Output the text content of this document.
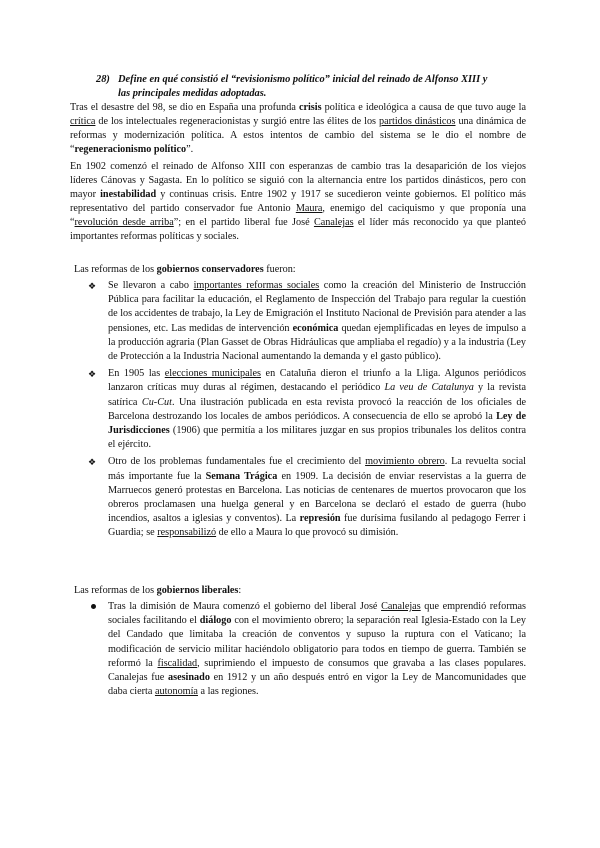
28) Define en qué consistió el “revisionismo político” inicial del reinado de Alfonso XIII y
las principales medidas adoptadas.
Tras el desastre del 98, se dio en España una profunda crisis política e ideológica a causa de que tuvo auge la crítica de los intelectuales regeneracionistas y surgió entre las élites de los partidos dinásticos una dinámica de reformas y modernización política. A estos intentos de cambio del sistema se le dio el nombre de “regeneracionismo político”.
En 1902 comenzó el reinado de Alfonso XIII con esperanzas de cambio tras la desaparición de los viejos líderes Cánovas y Sagasta. En lo político se siguió con la alternancia entre los partidos dinásticos, pero con mayor inestabilidad y continuas crisis. Entre 1902 y 1917 se sucedieron veinte gobiernos. El político más representativo del partido conservador fue Antonio Maura, enemigo del caciquismo y que proponía una “revolución desde arriba”; en el partido liberal fue José Canalejas el líder más reconocido ya que planteó importantes reformas políticas y sociales.
Las reformas de los gobiernos conservadores fueron:
❖ Se llevaron a cabo importantes reformas sociales como la creación del Ministerio de Instrucción Pública para facilitar la educación, el Reglamento de Inspección del Trabajo para regular la cuestión de los accidentes de trabajo, la Ley de Emigración el Instituto Nacional de Previsión para atender a las pensiones, etc. Las medidas de intervención económica quedan ejemplificadas en leyes de impulso a la producción agraria (Plan Gasset de Obras Hidráulicas que ampliaba el regadío) y a la industria (Ley de Protección a la Industria Nacional aumentando la demanda y el gasto público).
❖ En 1905 las elecciones municipales en Cataluña dieron el triunfo a la Lliga. Algunos periódicos lanzaron críticas muy duras al régimen, destacando el periódico La veu de Catalunya y la revista satírica Cu-Cut. Una ilustración publicada en esta revista provocó la reacción de los oficiales de Barcelona destrozando los locales de ambos periódicos. A consecuencia de ello se aprobó la Ley de Jurisdicciones (1906) que permitía a los militares juzgar en sus propios tribunales los delitos contra el ejército.
❖ Otro de los problemas fundamentales fue el crecimiento del movimiento obrero. La revuelta social más importante fue la Semana Trágica en 1909. La decisión de enviar reservistas a la guerra de Marruecos generó protestas en Barcelona. Las noticias de centenares de muertos provocaron que los obreros proclamasen una huelga general y en Barcelona se declaró el estado de guerra (hubo incendios, asaltos a iglesias y conventos). La represión fue durísima fusilando al pedagogo Ferrer i Guardia; se responsabilizó de ello a Maura lo que provocó su dimisión.
Las reformas de los gobiernos liberales:
Tras la dimisión de Maura comenzó el gobierno del liberal José Canalejas que emprendió reformas sociales facilitando el diálogo con el movimiento obrero; la separación real Iglesia-Estado con la Ley del Candado que limitaba la creación de conventos y supuso la ruptura con el Vaticano; la modificación de servicio militar haciéndolo obligatorio para todos en tiempo de guerra. También se reformó la fiscalidad, suprimiendo el impuesto de consumos que gravaba a las clases populares. Canalejas fue asesinado en 1912 y un año después entró en vigor la Ley de Mancomunidades que daba cierta autonomía a las regiones.
